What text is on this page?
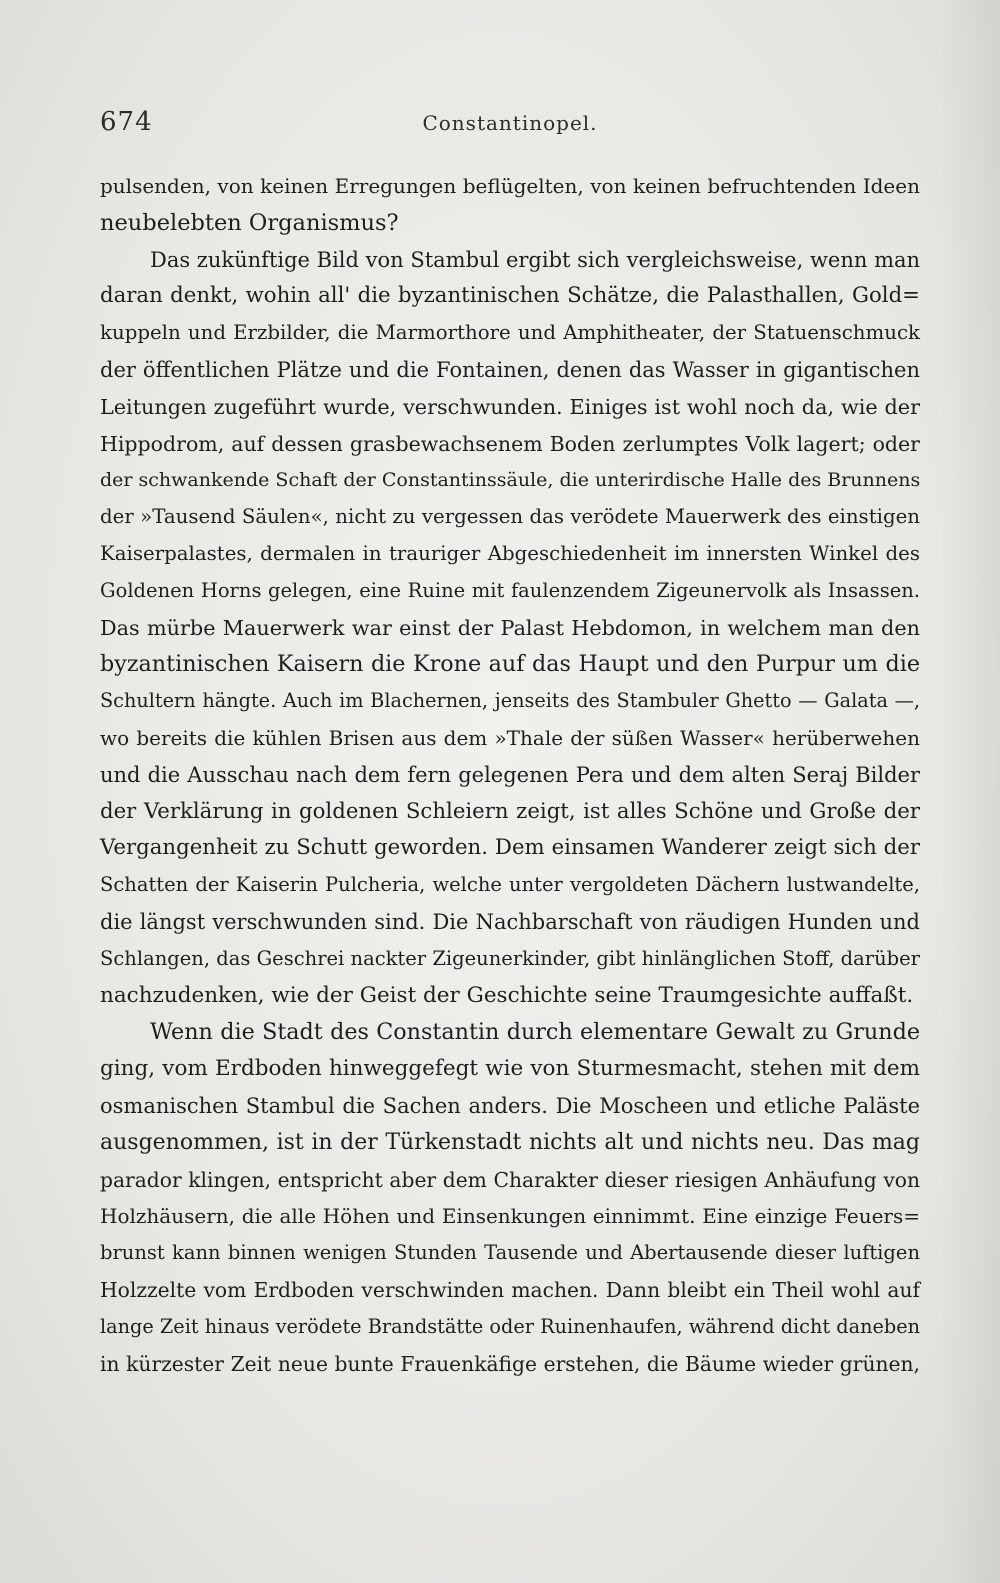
674	Constantinopel.
pulsenden, von keinen Erregungen beflügelten, von keinen befruchtenden Ideen
neubelebten Organismus?
Das zukünftige Bild von Stambul ergibt sich vergleichsweise, wenn man
daran denkt, wohin all' die byzantinischen Schätze, die Palasthallen, Gold=
kuppeln und Erzbilder, die Marmorthore und Amphitheater, der Statuenschmuck
der öffentlichen Plätze und die Fontainen, denen das Wasser in gigantischen
Leitungen zugeführt wurde, verschwunden. Einiges ist wohl noch da, wie der
Hippodrom, auf dessen grasbewachsenem Boden zerlumptes Volk lagert; oder
der schwankende Schaft der Constantinssäule, die unterirdische Halle des Brunnens
der »Tausend Säulen«, nicht zu vergessen das verödete Mauerwerk des einstigen
Kaiserpalastes, dermalen in trauriger Abgeschiedenheit im innersten Winkel des
Goldenen Horns gelegen, eine Ruine mit faulenzendem Zigeunervolk als Insassen.
Das mürbe Mauerwerk war einst der Palast Hebdomon, in welchem man den
byzantinischen Kaisern die Krone auf das Haupt und den Purpur um die
Schultern hängte. Auch im Blachernen, jenseits des Stambuler Ghetto — Galata —,
wo bereits die kühlen Brisen aus dem »Thale der süßen Wasser« herüberwehen
und die Ausschau nach dem fern gelegenen Pera und dem alten Seraj Bilder
der Verklärung in goldenen Schleiern zeigt, ist alles Schöne und Große der
Vergangenheit zu Schutt geworden. Dem einsamen Wanderer zeigt sich der
Schatten der Kaiserin Pulcheria, welche unter vergoldeten Dächern lustwandelte,
die längst verschwunden sind. Die Nachbarschaft von räudigen Hunden und
Schlangen, das Geschrei nackter Zigeunerkinder, gibt hinlänglichen Stoff, darüber
nachzudenken, wie der Geist der Geschichte seine Traumgesichte auffaßt.
Wenn die Stadt des Constantin durch elementare Gewalt zu Grunde
ging, vom Erdboden hinweggefegt wie von Sturmesmacht, stehen mit dem
osmanischen Stambul die Sachen anders. Die Moscheen und etliche Paläste
ausgenommen, ist in der Türkenstadt nichts alt und nichts neu. Das mag
parador klingen, entspricht aber dem Charakter dieser riesigen Anhäufung von
Holzhäusern, die alle Höhen und Einsenkungen einnimmt. Eine einzige Feuers=
brunst kann binnen wenigen Stunden Tausende und Abertausende dieser luftigen
Holzzelte vom Erdboden verschwinden machen. Dann bleibt ein Theil wohl auf
lange Zeit hinaus verödete Brandstätte oder Ruinenhaufen, während dicht daneben
in kürzester Zeit neue bunte Frauenkäfige erstehen, die Bäume wieder grünen,
